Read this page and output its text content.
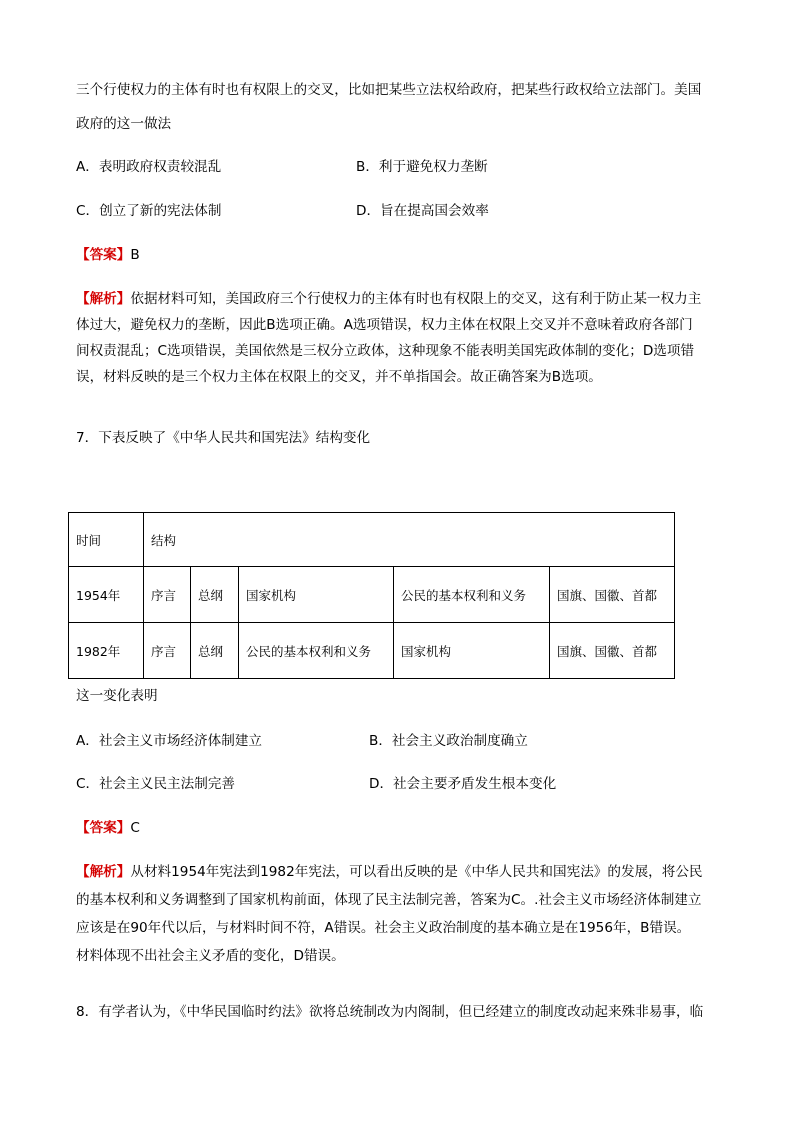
三个行使权力的主体有时也有权限上的交叉，比如把某些立法权给政府，把某些行政权给立法部门。美国
政府的这一做法
A．表明政府权责较混乱	B．利于避免权力垄断
C．创立了新的宪法体制	D．旨在提高国会效率
【答案】B
【解析】依据材料可知，美国政府三个行使权力的主体有时也有权限上的交叉，这有利于防止某一权力主
体过大，避免权力的垄断，因此B选项正确。A选项错误，权力主体在权限上交叉并不意味着政府各部门
间权责混乱；C选项错误，美国依然是三权分立政体，这种现象不能表明美国宪政体制的变化；D选项错
误，材料反映的是三个权力主体在权限上的交叉，并不单指国会。故正确答案为B选项。
7．下表反映了《中华人民共和国宪法》结构变化
时间	结构				
1954年	序言	总纲	国家机构	公民的基本权利和义务	国旗、国徽、首都
1982年	序言	总纲	公民的基本权利和义务	国家机构	国旗、国徽、首都
这一变化表明
A．社会主义市场经济体制建立	B．社会主义政治制度确立
C．社会主义民主法制完善	D．社会主要矛盾发生根本变化
【答案】C
【解析】从材料1954年宪法到1982年宪法，可以看出反映的是《中华人民共和国宪法》的发展，将公民
的基本权利和义务调整到了国家机构前面，体现了民主法制完善，答案为C。.社会主义市场经济体制建立
应该是在90年代以后，与材料时间不符，A错误。社会主义政治制度的基本确立是在1956年，B错误。
材料体现不出社会主义矛盾的变化，D错误。
8．有学者认为，《中华民国临时约法》欲将总统制改为内阁制，但已经建立的制度改动起来殊非易事，临
